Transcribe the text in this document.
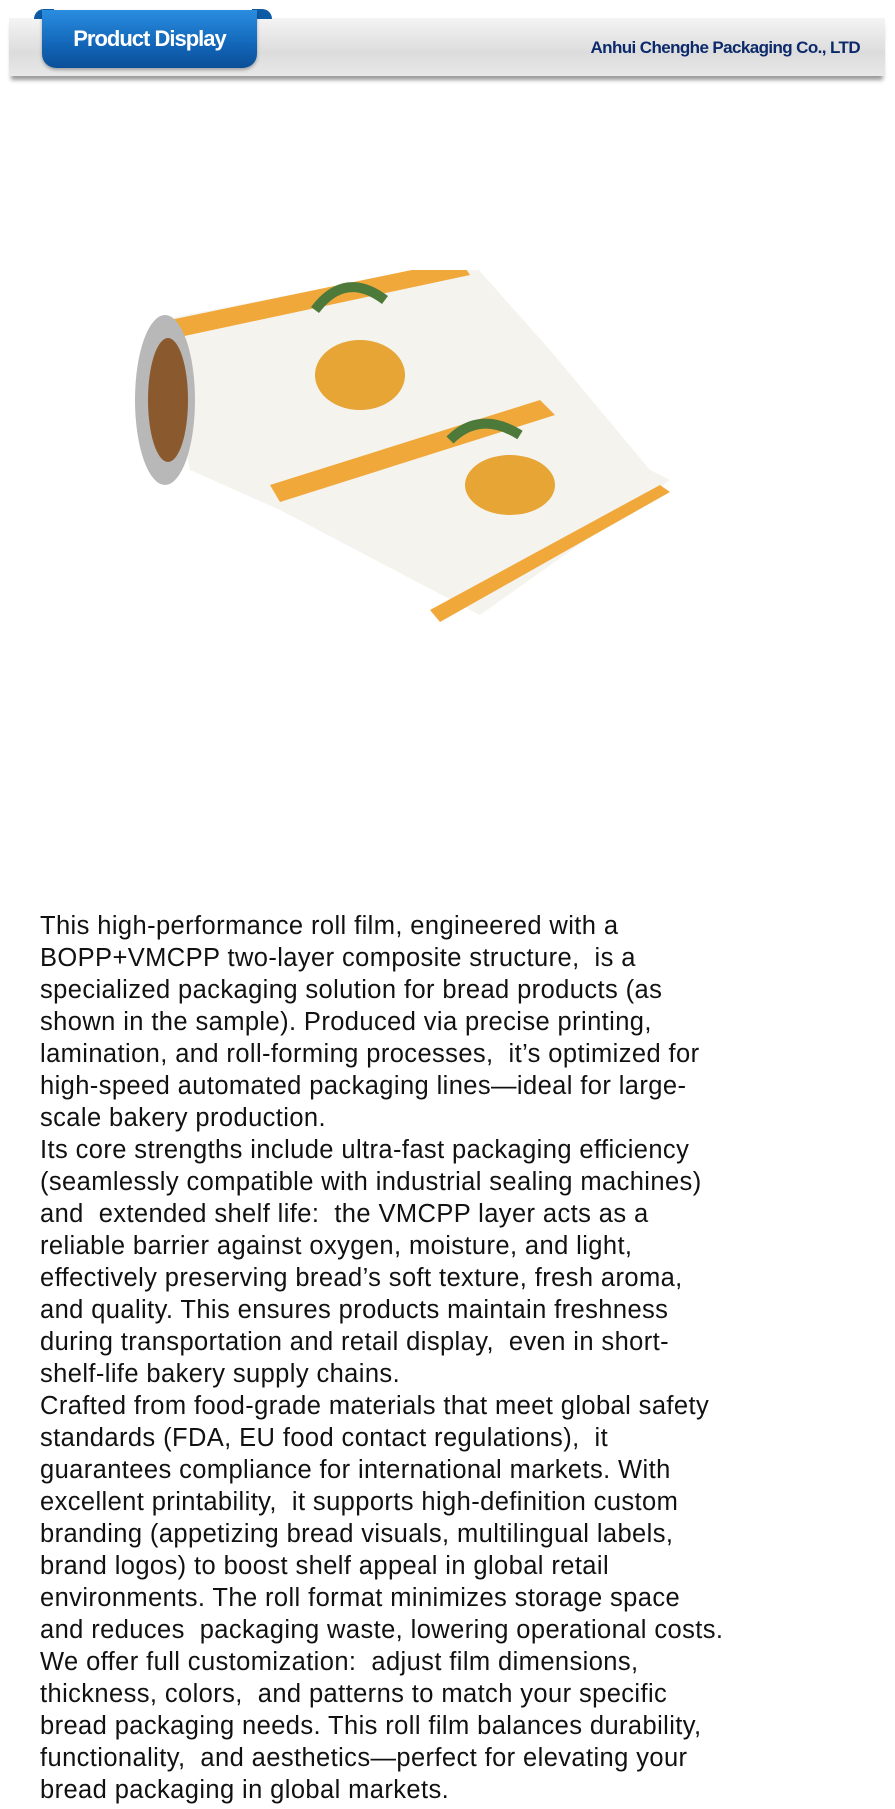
Product Display	Anhui Chenghe Packaging Co., LTD
This high-performance roll film, engineered with a
BOPP+VMCPP two-layer composite structure,  is a
specialized packaging solution for bread products (as
shown in the sample). Produced via precise printing,
lamination, and roll-forming processes,  it’s optimized for
high-speed automated packaging lines—ideal for large-
scale bakery production.
Its core strengths include ultra-fast packaging efficiency
(seamlessly compatible with industrial sealing machines)
and  extended shelf life:  the VMCPP layer acts as a
reliable barrier against oxygen, moisture, and light,
effectively preserving bread’s soft texture, fresh aroma,
and quality. This ensures products maintain freshness
during transportation and retail display,  even in short-
shelf-life bakery supply chains.
Crafted from food-grade materials that meet global safety
standards (FDA, EU food contact regulations),  it
guarantees compliance for international markets. With
excellent printability,  it supports high-definition custom
branding (appetizing bread visuals, multilingual labels,
brand logos) to boost shelf appeal in global retail
environments. The roll format minimizes storage space
and reduces  packaging waste, lowering operational costs.
We offer full customization:  adjust film dimensions,
thickness, colors,  and patterns to match your specific
bread packaging needs. This roll film balances durability,
functionality,  and aesthetics—perfect for elevating your
bread packaging in global markets.
